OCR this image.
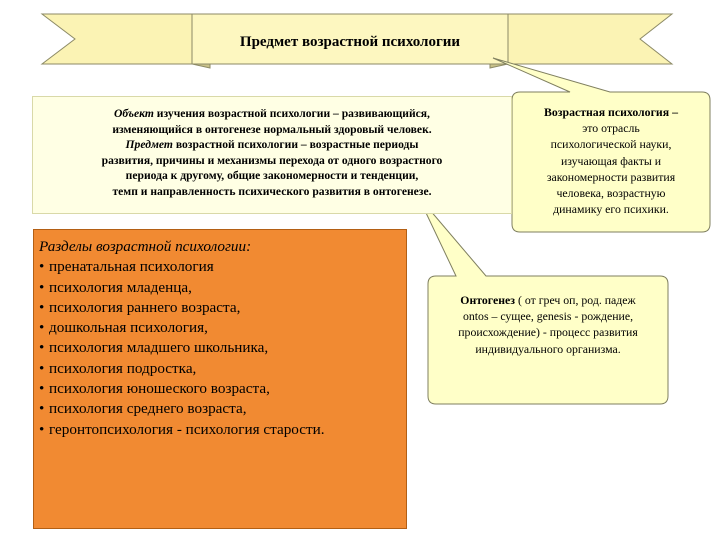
Предмет возрастной психологии
Объект изучения возрастной психологии – развивающийся,
изменяющийся в онтогенезе нормальный здоровый человек.
Предмет возрастной психологии – возрастные периоды
развития, причины и механизмы перехода от одного возрастного
периода к другому, общие закономерности и тенденции,
темп и направленность психического развития в онтогенезе.
Разделы возрастной психологии:
• пренатальная психология
• психология младенца,
• психология раннего возраста,
• дошкольная психология,
• психология младшего школьника,
• психология подростка,
• психология юношеского возраста,
• психология среднего возраста,
• геронтопсихология - психология старости.
Возрастная психология –
это отрасль
психологической науки,
изучающая факты и
закономерности развития
человека, возрастную
динамику его психики.
Онтогенез ( от греч оп, род. падеж
ontos – сущее, genesis - рождение,
происхождение) - процесс развития
индивидуального организма.
